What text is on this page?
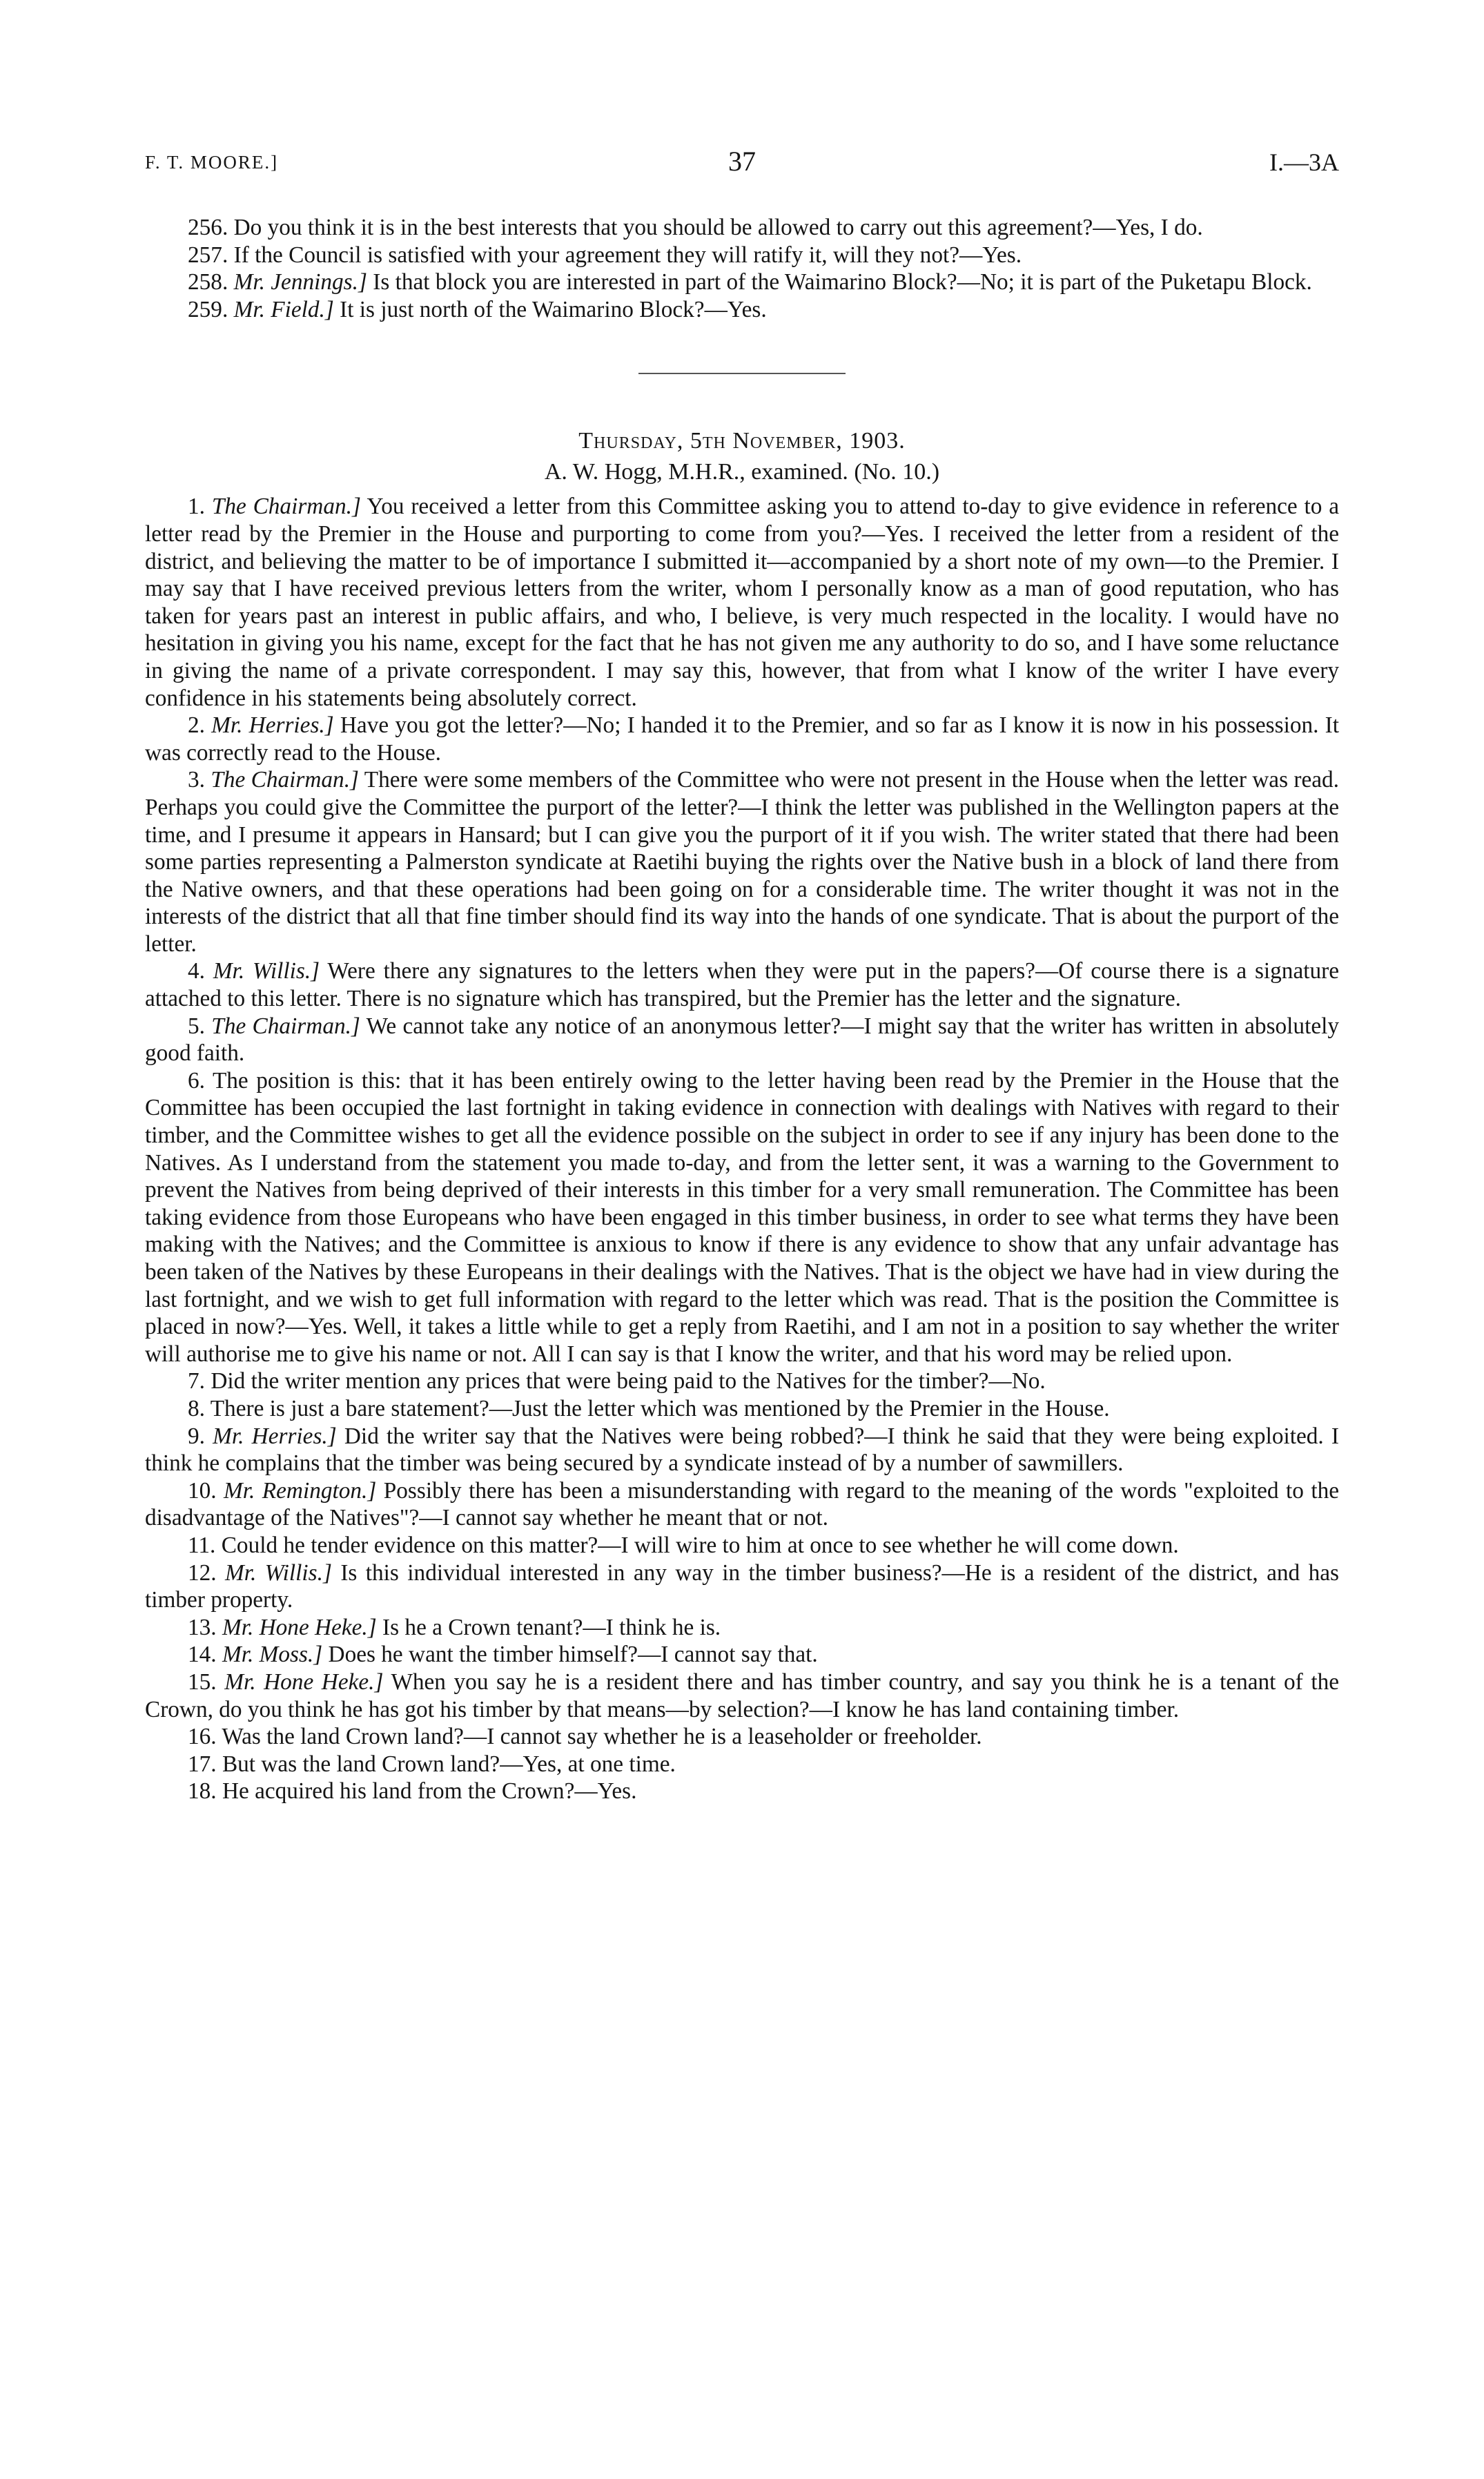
F. T. MOORE.]	37	I.—3A

256. Do you think it is in the best interests that you should be allowed to carry out this agreement?—Yes, I do.

257. If the Council is satisfied with your agreement they will ratify it, will they not?—Yes.

258. Mr. Jennings.] Is that block you are interested in part of the Waimarino Block?—No; it is part of the Puketapu Block.

259. Mr. Field.] It is just north of the Waimarino Block?—Yes.

Thursday, 5th November, 1903.

A. W. Hogg, M.H.R., examined. (No. 10.)

1. The Chairman.] You received a letter from this Committee asking you to attend to-day to give evidence in reference to a letter read by the Premier in the House and purporting to come from you?—Yes. I received the letter from a resident of the district, and believing the matter to be of importance I submitted it—accompanied by a short note of my own—to the Premier. I may say that I have received previous letters from the writer, whom I personally know as a man of good reputation, who has taken for years past an interest in public affairs, and who, I believe, is very much respected in the locality. I would have no hesitation in giving you his name, except for the fact that he has not given me any authority to do so, and I have some reluctance in giving the name of a private correspondent. I may say this, however, that from what I know of the writer I have every confidence in his statements being absolutely correct.

2. Mr. Herries.] Have you got the letter?—No; I handed it to the Premier, and so far as I know it is now in his possession. It was correctly read to the House.

3. The Chairman.] There were some members of the Committee who were not present in the House when the letter was read. Perhaps you could give the Committee the purport of the letter?—I think the letter was published in the Wellington papers at the time, and I presume it appears in Hansard; but I can give you the purport of it if you wish. The writer stated that there had been some parties representing a Palmerston syndicate at Raetihi buying the rights over the Native bush in a block of land there from the Native owners, and that these operations had been going on for a considerable time. The writer thought it was not in the interests of the district that all that fine timber should find its way into the hands of one syndicate. That is about the purport of the letter.

4. Mr. Willis.] Were there any signatures to the letters when they were put in the papers?—Of course there is a signature attached to this letter. There is no signature which has transpired, but the Premier has the letter and the signature.

5. The Chairman.] We cannot take any notice of an anonymous letter?—I might say that the writer has written in absolutely good faith.

6. The position is this: that it has been entirely owing to the letter having been read by the Premier in the House that the Committee has been occupied the last fortnight in taking evidence in connection with dealings with Natives with regard to their timber, and the Committee wishes to get all the evidence possible on the subject in order to see if any injury has been done to the Natives. As I understand from the statement you made to-day, and from the letter sent, it was a warning to the Government to prevent the Natives from being deprived of their interests in this timber for a very small remuneration. The Committee has been taking evidence from those Europeans who have been engaged in this timber business, in order to see what terms they have been making with the Natives; and the Committee is anxious to know if there is any evidence to show that any unfair advantage has been taken of the Natives by these Europeans in their dealings with the Natives. That is the object we have had in view during the last fortnight, and we wish to get full information with regard to the letter which was read. That is the position the Committee is placed in now?—Yes. Well, it takes a little while to get a reply from Raetihi, and I am not in a position to say whether the writer will authorise me to give his name or not. All I can say is that I know the writer, and that his word may be relied upon.

7. Did the writer mention any prices that were being paid to the Natives for the timber?—No.

8. There is just a bare statement?—Just the letter which was mentioned by the Premier in the House.

9. Mr. Herries.] Did the writer say that the Natives were being robbed?—I think he said that they were being exploited. I think he complains that the timber was being secured by a syndicate instead of by a number of sawmillers.

10. Mr. Remington.] Possibly there has been a misunderstanding with regard to the meaning of the words "exploited to the disadvantage of the Natives"?—I cannot say whether he meant that or not.

11. Could he tender evidence on this matter?—I will wire to him at once to see whether he will come down.

12. Mr. Willis.] Is this individual interested in any way in the timber business?—He is a resident of the district, and has timber property.

13. Mr. Hone Heke.] Is he a Crown tenant?—I think he is.

14. Mr. Moss.] Does he want the timber himself?—I cannot say that.

15. Mr. Hone Heke.] When you say he is a resident there and has timber country, and say you think he is a tenant of the Crown, do you think he has got his timber by that means—by selection?—I know he has land containing timber.

16. Was the land Crown land?—I cannot say whether he is a leaseholder or freeholder.

17. But was the land Crown land?—Yes, at one time.

18. He acquired his land from the Crown?—Yes.
